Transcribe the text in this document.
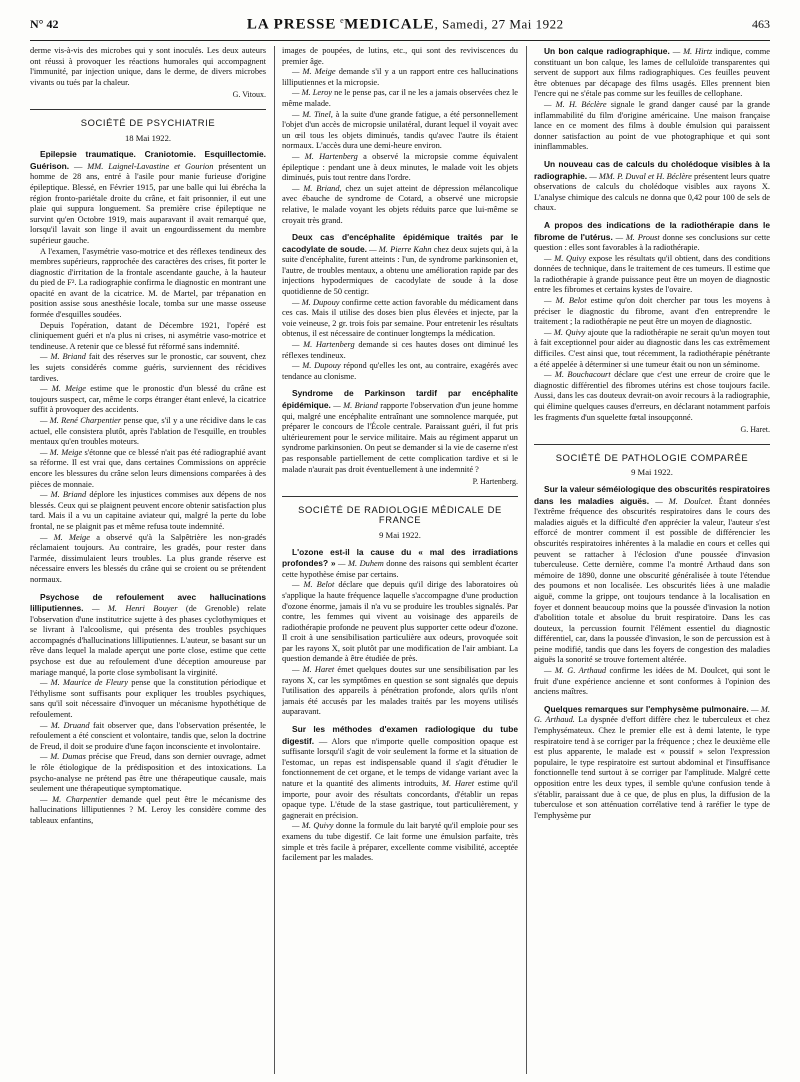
N° 42	LA PRESSE $^e$MEDICALE, Samedi, 27 Mai 1922	463

derme vis-à-vis des microbes qui y sont inoculés. Les deux auteurs ont réussi à provoquer les réactions humorales qui accompagnent l'immunité, par injection unique, dans le derme, de divers microbes vivants ou tués par la chaleur.

G. Vitoux.
SOCIÉTÉ DE PSYCHIATRIE
18 Mai 1922.

Epilepsie traumatique. Craniotomie. Esquillectomie. Guérison. — MM. Laignel-Lavastine et Gourion présentent un homme de 28 ans, entré à l'asile pour manie furieuse d'origine épileptique. Blessé, en Février 1915, par une balle qui lui ébrécha la région fronto-pariétale droite du crâne, et fait prisonnier, il eut une plaie qui suppura longuement. Sa première crise épileptique ne survint qu'en Octobre 1919, mais auparavant il avait remarqué que, lorsqu'il lavait son linge il avait un engourdissement du membre supérieur gauche.

A l'examen, l'asymétrie vaso-motrice et des réflexes tendineux des membres supérieurs, rapprochée des caractères des crises, fit porter le diagnostic d'irritation de la frontale ascendante gauche, à la hauteur du pied de F². La radiographie confirma le diagnostic en montrant une opacité en avant de la cicatrice. M. de Martel, par trépanation en position assise sous anesthésie locale, tomba sur une masse osseuse formée d'esquilles soudées.

Depuis l'opération, datant de Décembre 1921, l'opéré est cliniquement guéri et n'a plus ni crises, ni asymétrie vaso-motrice et tendineuse. A retenir que ce blessé fut réformé sans indemnité.

— M. Briand fait des réserves sur le pronostic, car souvent, chez les sujets considérés comme guéris, surviennent des récidives tardives.

— M. Meige estime que le pronostic d'un blessé du crâne est toujours suspect, car, même le corps étranger étant enlevé, la cicatrice suffit à provoquer des accidents.

— M. René Charpentier pense que, s'il y a une récidive dans le cas actuel, elle consistera plutôt, après l'ablation de l'esquille, en troubles mentaux qu'en troubles moteurs.

— M. Meige s'étonne que ce blessé n'ait pas été radiographié avant sa réforme. Il est vrai que, dans certaines Commissions on apprécie encore les blessures du crâne selon leurs dimensions comparées à des pièces de monnaie.

— M. Briand déplore les injustices commises aux dépens de nos blessés. Ceux qui se plaignent peuvent encore obtenir satisfaction plus tard. Mais il a vu un capitaine aviateur qui, malgré la perte du lobe frontal, ne se plaignit pas et même refusa toute indemnité.

— M. Meige a observé qu'à la Salpêtrière les non-gradés réclamaient toujours. Au contraire, les gradés, pour rester dans l'armée, dissimulaient leurs troubles. La plus grande réserve est nécessaire envers les blessés du crâne qui se croient ou se prétendent normaux.

Psychose de refoulement avec hallucinations lilliputiennes. — M. Henri Bouyer (de Grenoble) relate l'observation d'une institutrice sujette à des phases cyclothymiques et se livrant à l'alcoolisme, qui présenta des troubles psychiques accompagnés d'hallucinations lilliputiennes. L'auteur, se basant sur un rêve dans lequel la malade aperçut une porte close, estime que cette psychose est due au refoulement d'une déception amoureuse par mariage manqué, la porte close symbolisant la virginité.

— M. Maurice de Fleury pense que la constitution périodique et l'éthylisme sont suffisants pour expliquer les troubles psychiques, sans qu'il soit nécessaire d'invoquer un mécanisme hypothétique de refoulement.

— M. Druand fait observer que, dans l'observation présentée, le refoulement a été conscient et volontaire, tandis que, selon la doctrine de Freud, il doit se produire d'une façon inconsciente et involontaire.

— M. Dumas précise que Freud, dans son dernier ouvrage, admet le rôle étiologique de la prédisposition et des intoxications. La psycho-analyse ne prétend pas être une thérapeutique causale, mais seulement une thérapeutique symptomatique.

— M. Charpentier demande quel peut être le mécanisme des hallucinations lilliputiennes ? M. Leroy les considère comme des tableaux enfantins,

images de poupées, de lutins, etc., qui sont des reviviscences du premier âge.

— M. Meige demande s'il y a un rapport entre ces hallucinations lilliputiennes et la micropsie.

— M. Leroy ne le pense pas, car il ne les a jamais observées chez le même malade.

— M. Tinel, à la suite d'une grande fatigue, a été personnellement l'objet d'un accès de micropsie unilatéral, durant lequel il voyait avec un œil tous les objets diminués, tandis qu'avec l'autre ils étaient normaux. L'accès dura une demi-heure environ.

— M. Hartenberg a observé la micropsie comme équivalent épileptique : pendant une à deux minutes, le malade voit les objets diminués, puis tout rentre dans l'ordre.

— M. Briand, chez un sujet atteint de dépression mélancolique avec ébauche de syndrome de Cotard, a observé une micropsie relative, le malade voyant les objets réduits parce que lui-même se croyait très grand.

Deux cas d'encéphalite épidémique traités par le cacodylate de soude. — M. Pierre Kahn chez deux sujets qui, à la suite d'encéphalite, furent atteints : l'un, de syndrome parkinsonien et, l'autre, de troubles mentaux, a obtenu une amélioration rapide par des injections hypodermiques de cacodylate de soude à la dose quotidienne de 50 centigr.

— M. Dupouy confirme cette action favorable du médicament dans ces cas. Mais il utilise des doses bien plus élevées et injecte, par la voie veineuse, 2 gr. trois fois par semaine. Pour entretenir les résultats obtenus, il est nécessaire de continuer longtemps la médication.

— M. Hartenberg demande si ces hautes doses ont diminué les réflexes tendineux.

— M. Dupouy répond qu'elles les ont, au contraire, exagérés avec tendance au clonisme.

Syndrome de Parkinson tardif par encéphalite épidémique. — M. Briand rapporte l'observation d'un jeune homme qui, malgré une encéphalite entraînant une somnolence marquée, put préparer le concours de l'École centrale. Paraissant guéri, il fut pris ultérieurement pour le service militaire. Mais au régiment apparut un syndrome parkinsonien. On peut se demander si la vie de caserne n'est pas responsable partiellement de cette complication tardive et si le malade n'aurait pas droit éventuellement à une indemnité ?

P. Hartenberg.
SOCIÉTÉ DE RADIOLOGIE MÉDICALE DE FRANCE
9 Mai 1922.

L'ozone est-il la cause du « mal des irradiations profondes? » — M. Duhem donne des raisons qui semblent écarter cette hypothèse émise par certains.

— M. Belot déclare que depuis qu'il dirige des laboratoires où s'applique la haute fréquence laquelle s'accompagne d'une production d'ozone énorme, jamais il n'a vu se produire les troubles signalés. Par contre, les femmes qui vivent au voisinage des appareils de radiothérapie profonde ne peuvent plus supporter cette odeur d'ozone. Il croit à une sensibilisation particulière aux odeurs, provoquée soit par les rayons X, soit plutôt par une modification de l'air ambiant. La question demande à être étudiée de près.

— M. Haret émet quelques doutes sur une sensibilisation par les rayons X, car les symptômes en question se sont signalés que depuis l'utilisation des appareils à pénétration profonde, alors qu'ils n'ont jamais été accusés par les malades traités par les moyens utilisés auparavant.

Sur les méthodes d'examen radiologique du tube digestif. — Alors que n'importe quelle composition opaque est suffisante lorsqu'il s'agit de voir seulement la forme et la situation de l'estomac, un repas est indispensable quand il s'agit d'étudier le fonctionnement de cet organe, et le temps de vidange variant avec la nature et la quantité des aliments introduits, M. Haret estime qu'il importe, pour avoir des résultats concordants, d'établir un repas opaque type. L'étude de la stase gastrique, tout particulièrement, y gagnerait en précision.

— M. Quivy donne la formule du lait baryté qu'il emploie pour ses examens du tube digestif. Ce lait forme une émulsion parfaite, très simple et très facile à préparer, excellente comme visibilité, acceptée facilement par les malades.

Un bon calque radiographique. — M. Hirtz indique, comme constituant un bon calque, les lames de celluloïde transparentes qui servent de support aux films radiographiques. Ces feuilles peuvent être obtenues par décapage des films usagés. Elles prennent bien l'encre qui ne s'étale pas comme sur les feuilles de cellophane.

— M. H. Béclère signale le grand danger causé par la grande inflammabilité du film d'origine américaine. Une maison française lance en ce moment des films à double émulsion qui paraissent donner satisfaction au point de vue photographique et qui sont ininflammables.

Un nouveau cas de calculs du cholédoque visibles à la radiographie. — MM. P. Duval et H. Béclère présentent leurs quatre observations de calculs du cholédoque visibles aux rayons X. L'analyse chimique des calculs ne donna que 0,42 pour 100 de sels de chaux.

A propos des indications de la radiothérapie dans le fibrome de l'utérus. — M. Proust donne ses conclusions sur cette question : elles sont favorables à la radiothérapie.

— M. Quivy expose les résultats qu'il obtient, dans des conditions données de technique, dans le traitement de ces tumeurs. Il estime que la radiothérapie à grande puissance peut être un moyen de diagnostic entre les fibromes et certains kystes de l'ovaire.

— M. Belot estime qu'on doit chercher par tous les moyens à préciser le diagnostic du fibrome, avant d'en entreprendre le traitement ; la radiothérapie ne peut être un moyen de diagnostic.

— M. Quivy ajoute que la radiothérapie ne serait qu'un moyen tout à fait exceptionnel pour aider au diagnostic dans les cas extrêmement difficiles. C'est ainsi que, tout récemment, la radiothérapie pénétrante a été appelée à déterminer si une tumeur était ou non un séminome.

— M. Bouchacourt déclare que c'est une erreur de croire que le diagnostic différentiel des fibromes utérins est chose toujours facile. Aussi, dans les cas douteux devrait-on avoir recours à la radiographie, qui élimine quelques causes d'erreurs, en déclarant notamment parfois les fragments d'un squelette fœtal insoupçonné.

G. Haret.
SOCIÉTÉ DE PATHOLOGIE COMPARÉE
9 Mai 1922.

Sur la valeur séméiologique des obscurités respiratoires dans les maladies aiguës. — M. Doulcet. Étant données l'extrême fréquence des obscurités respiratoires dans le cours des maladies aiguës et la difficulté d'en apprécier la valeur, l'auteur s'est efforcé de montrer comment il est possible de différencier les obscurités respiratoires inhérentes à la maladie en cours et celles qui peuvent se rattacher à l'éclosion d'une poussée d'invasion tuberculeuse. Cette dernière, comme l'a montré Arthaud dans son mémoire de 1890, donne une obscurité généralisée à toute l'étendue des poumons et non localisée. Les obscurités liées à une maladie aiguë, comme la grippe, ont toujours tendance à la localisation en foyer et donnent beaucoup moins que la poussée d'invasion la notion d'abolition totale et absolue du bruit respiratoire. Dans les cas douteux, la percussion fournit l'élément essentiel du diagnostic différentiel, car, dans la poussée d'invasion, le son de percussion est à peine modifié, tandis que dans les foyers de congestion des maladies aiguës la sonorité se trouve fortement altérée.

— M. G. Arthaud confirme les idées de M. Doulcet, qui sont le fruit d'une expérience ancienne et sont conformes à l'opinion des anciens maîtres.

Quelques remarques sur l'emphysème pulmonaire. — M. G. Arthaud. La dyspnée d'effort diffère chez le tuberculeux et chez l'emphysémateux. Chez le premier elle est à demi latente, le type respiratoire tend à se corriger par la fréquence ; chez le deuxième elle est plus apparente, le malade est « poussif » selon l'expression populaire, le type respiratoire est surtout abdominal et l'insuffisance fonctionnelle tend surtout à se corriger par l'amplitude. Malgré cette opposition entre les deux types, il semble qu'une confusion tende à s'établir, paraissant due à ce que, de plus en plus, la diffusion de la tuberculose et son atténuation corrélative tend à raréfier le type de l'emphysème pur
